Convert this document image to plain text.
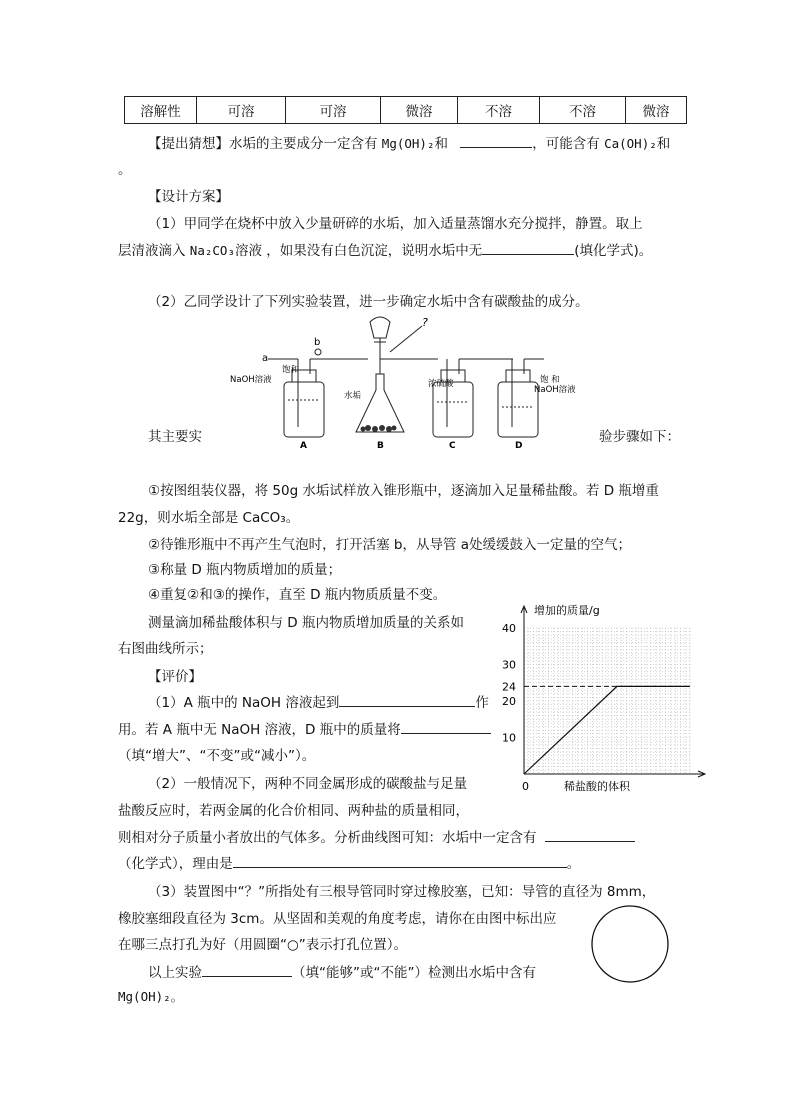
溶解性	可溶	可溶	微溶	不溶	不溶	微溶
【提出猜想】水垢的主要成分一定含有 Mg(OH)₂和	，可能含有 Ca(OH)₂和
。
【设计方案】
（1）甲同学在烧杯中放入少量研碎的水垢，加入适量蒸馏水充分搅拌，静置。取上
层清液滴入 Na₂CO₃溶液 ，如果没有白色沉淀，说明水垢中无	(填化学式)。
（2）乙同学设计了下列实验装置，进一步确定水垢中含有碳酸盐的成分。
a
b
?
饱和
NaOH溶液
水垢
浓硫酸	饱 和
NaOH溶液
A	B	C	D
其主要实	验步骤如下：
①按图组装仪器，将 50g 水垢试样放入锥形瓶中，逐滴加入足量稀盐酸。若 D 瓶增重
22g，则水垢全部是 CaCO₃。
②待锥形瓶中不再产生气泡时，打开活塞 b，从导管 a处缓缓鼓入一定量的空气；
③称量 D 瓶内物质增加的质量；
④重复②和③的操作，直至 D 瓶内物质质量不变。
测量滴加稀盐酸体积与 D 瓶内物质增加质量的关系如
右图曲线所示；
【评价】
（1）A 瓶中的 NaOH 溶液起到	作
用。若 A 瓶中无 NaOH 溶液，D 瓶中的质量将
（填“增大”、“不变”或“减小”）。
（2）一般情况下，两种不同金属形成的碳酸盐与足量
盐酸反应时，若两金属的化合价相同、两种盐的质量相同，
则相对分子质量小者放出的气体多。分析曲线图可知：水垢中一定含有
（化学式），理由是	。
（3）装置图中“？”所指处有三根导管同时穿过橡胶塞，已知：导管的直径为 8mm，
橡胶塞细段直径为 3cm。从坚固和美观的角度考虑，请你在由图中标出应
在哪三点打孔为好（用圆圈“○”表示打孔位置）。
以上实验	（填“能够”或“不能”）检测出水垢中含有
Mg(OH)₂。
10
20
24
30
40
增加的质量/g
稀盐酸的体积
0
